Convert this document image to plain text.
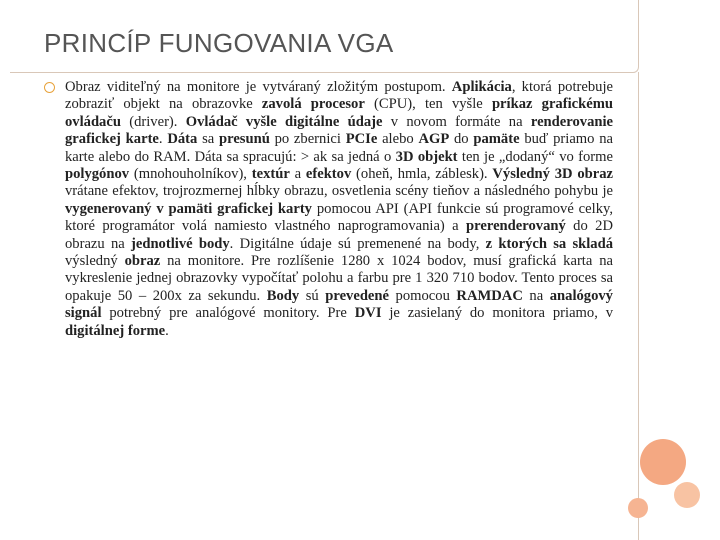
PRINCÍP FUNGOVANIA VGA

Obraz viditeľný na monitore je vytváraný zložitým postupom. Aplikácia, ktorá potrebuje zobraziť objekt na obrazovke zavolá procesor (CPU), ten vyšle príkaz grafickému ovládaču (driver). Ovládač vyšle digitálne údaje v novom formáte na renderovanie grafickej karte. Dáta sa presunú po zbernici PCIe alebo AGP do pamäte buď priamo na karte alebo do RAM. Dáta sa spracujú: > ak sa jedná o 3D objekt ten je „dodaný“ vo forme polygónov (mnohouholníkov), textúr a efektov (oheň, hmla, záblesk). Výsledný 3D obraz vrátane efektov, trojrozmernej hĺbky obrazu, osvetlenia scény tieňov a následného pohybu je vygenerovaný v pamäti grafickej karty pomocou API (API funkcie sú programové celky, ktoré programátor volá namiesto vlastného naprogramovania) a prerenderovaný do 2D obrazu na jednotlivé body. Digitálne údaje sú premenené na body, z ktorých sa skladá výsledný obraz na monitore. Pre rozlíšenie 1280 x 1024 bodov, musí grafická karta na vykreslenie jednej obrazovky vypočítať polohu a farbu pre 1 320 710 bodov. Tento proces sa opakuje 50 – 200x za sekundu. Body sú prevedené pomocou RAMDAC na analógový signál potrebný pre analógové monitory. Pre DVI je zasielaný do monitora priamo, v digitálnej forme.
